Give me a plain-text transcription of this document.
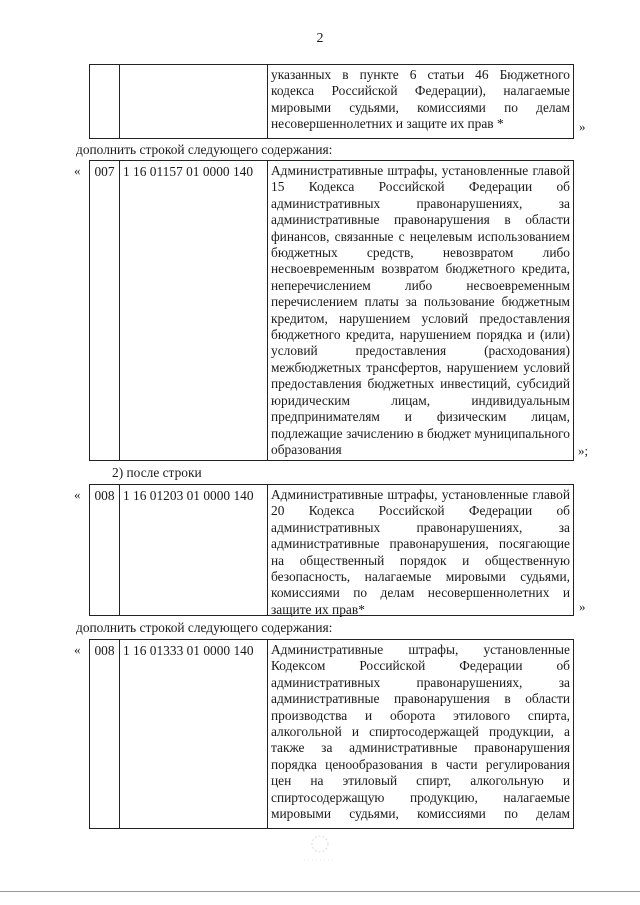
2
указанных в пункте 6 статьи 46 Бюджетного кодекса Российской Федерации), налагаемые мировыми судьями, комиссиями по делам несовершеннолетних и защите их прав *	»
дополнить строкой следующего содержания:
«	007 1 16 01157 01 0000 140	Административные штрафы, установленные главой 15 Кодекса Российской Федерации об административных правонарушениях, за административные правонарушения в области финансов, связанные с нецелевым использованием бюджетных средств, невозвратом либо несвоевременным возвратом бюджетного кредита, неперечислением либо несвоевременным перечислением платы за пользование бюджетным кредитом, нарушением условий предоставления бюджетного кредита, нарушением порядка и (или) условий предоставления (расходования) межбюджетных трансфертов, нарушением условий предоставления бюджетных инвестиций, субсидий юридическим лицам, индивидуальным предпринимателям и физическим лицам, подлежащие зачислению в бюджет муниципального образования	»;
2) после строки
«	008 1 16 01203 01 0000 140	Административные штрафы, установленные главой 20 Кодекса Российской Федерации об административных правонарушениях, за административные правонарушения, посягающие на общественный порядок и общественную безопасность, налагаемые мировыми судьями, комиссиями по делам несовершеннолетних и защите их прав*	»
дополнить строкой следующего содержания:
«	008 1 16 01333 01 0000 140	Административные штрафы, установленные Кодексом Российской Федерации об административных правонарушениях, за административные правонарушения в области производства и оборота этилового спирта, алкогольной и спиртосодержащей продукции, а также за административные правонарушения порядка ценообразования в части регулирования цен на этиловый спирт, алкогольную и спиртосодержащую продукцию, налагаемые мировыми судьями, комиссиями по делам
